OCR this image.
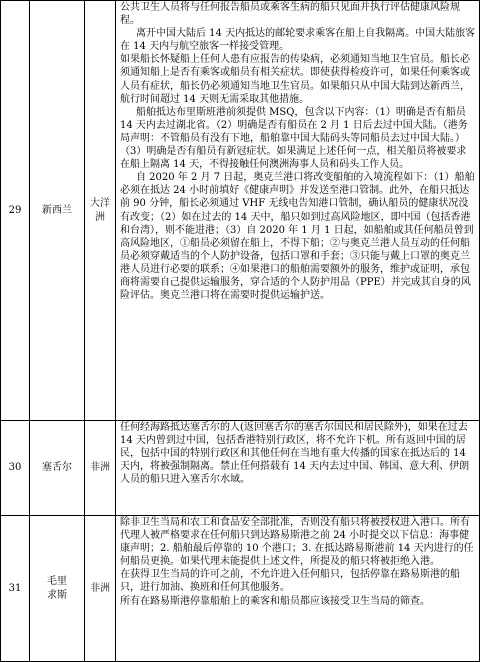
29	新西兰	大洋洲	公共卫生人员将与任何报告船员或乘客生病的船只见面并执行评估健康风险规程。

离开中国大陆后 14 天内抵达的邮轮要求乘客在船上自我隔离。中国大陆旅客在 14 天内与航空旅客一样接受管理。

如果船长怀疑船上任何人患有应报告的传染病，必须通知当地卫生官员。船长必须通知船上是否有乘客或船员有相关症状。即使获得检疫许可，如果任何乘客或人员有症状，船长仍必须通知当地卫生官员。如果船只从中国大陆到达新西兰，航行时间超过 14 天则无需采取其他措施。

船舶抵达布里斯班港前须提供 MSQ，包含以下内容：（1）明确是否有船员 14 天内去过湖北省。（2）明确是否有船员在 2 月 1 日后去过中国大陆。（港务局声明：不管船员有没有下地，船舶靠中国大陆码头等同船员去过中国大陆。）（3）明确是否有船员有新冠症状。如果满足上述任何一点，相关船员将被要求在船上隔离 14 天，不得接触任何澳洲海事人员和码头工作人员。

自 2020 年 2 月 7 日起，奥克兰港口将改变船舶的入境流程如下：（1）船舶必须在抵达 24 小时前填好《健康声明》并发送至港口管制。此外，在船只抵达前 90 分钟，船长必须通过 VHF 无线电告知港口管制，确认船员的健康状况没有改变；（2）如在过去的 14 天中，船只如到过高风险地区，即中国（包括香港和台湾），则不能进港；（3）自 2020 年 1 月 1 日起，如船舶或其任何船员曾到高风险地区，①船员必须留在船上，不得下船；②与奥克兰港人员互动的任何船员必须穿戴适当的个人防护设备，包括口罩和手套；③只能与戴上口罩的奥克兰港人员进行必要的联系；④如果港口的船舶需要额外的服务，维护或证明，承包商将需要自己提供运输服务，穿合适的个人防护用品（PPE）并完成其自身的风险评估。奥克兰港口将在需要时提供运输护送。

30	塞舌尔	非洲	任何经海路抵达塞舌尔的人(返回塞舌尔的塞舌尔国民和居民除外)，如果在过去 14 天内曾到过中国，包括香港特别行政区，将不允许下机。所有返回中国的居民，包括中国的特别行政区和其他任何在当地有重大传播的国家在抵达后的 14 天内，将被强制隔离。禁止任何搭载有 14 天内去过中国、韩国、意大利、伊朗人员的船只进入塞舌尔水域。

31	毛里求斯	非洲	除非卫生当局和农工和食品安全部批准，否则没有船只将被授权进入港口。所有代理人被严格要求在任何船只到达路易斯港之前 24 小时提交以下信息：海事健康声明；2. 船舶最后停靠的 10 个港口；3. 在抵达路易斯港前 14 天内进行的任何船员更换。如果代理未能提供上述文件，所提及的船只将被拒绝入港。

在获得卫生当局的许可之前，不允许进入任何船只，包括停靠在路易斯港的船只，进行加油、换班和任何其他服务。

所有在路易斯港停靠船舶上的乘客和船员都应该接受卫生当局的筛查。
